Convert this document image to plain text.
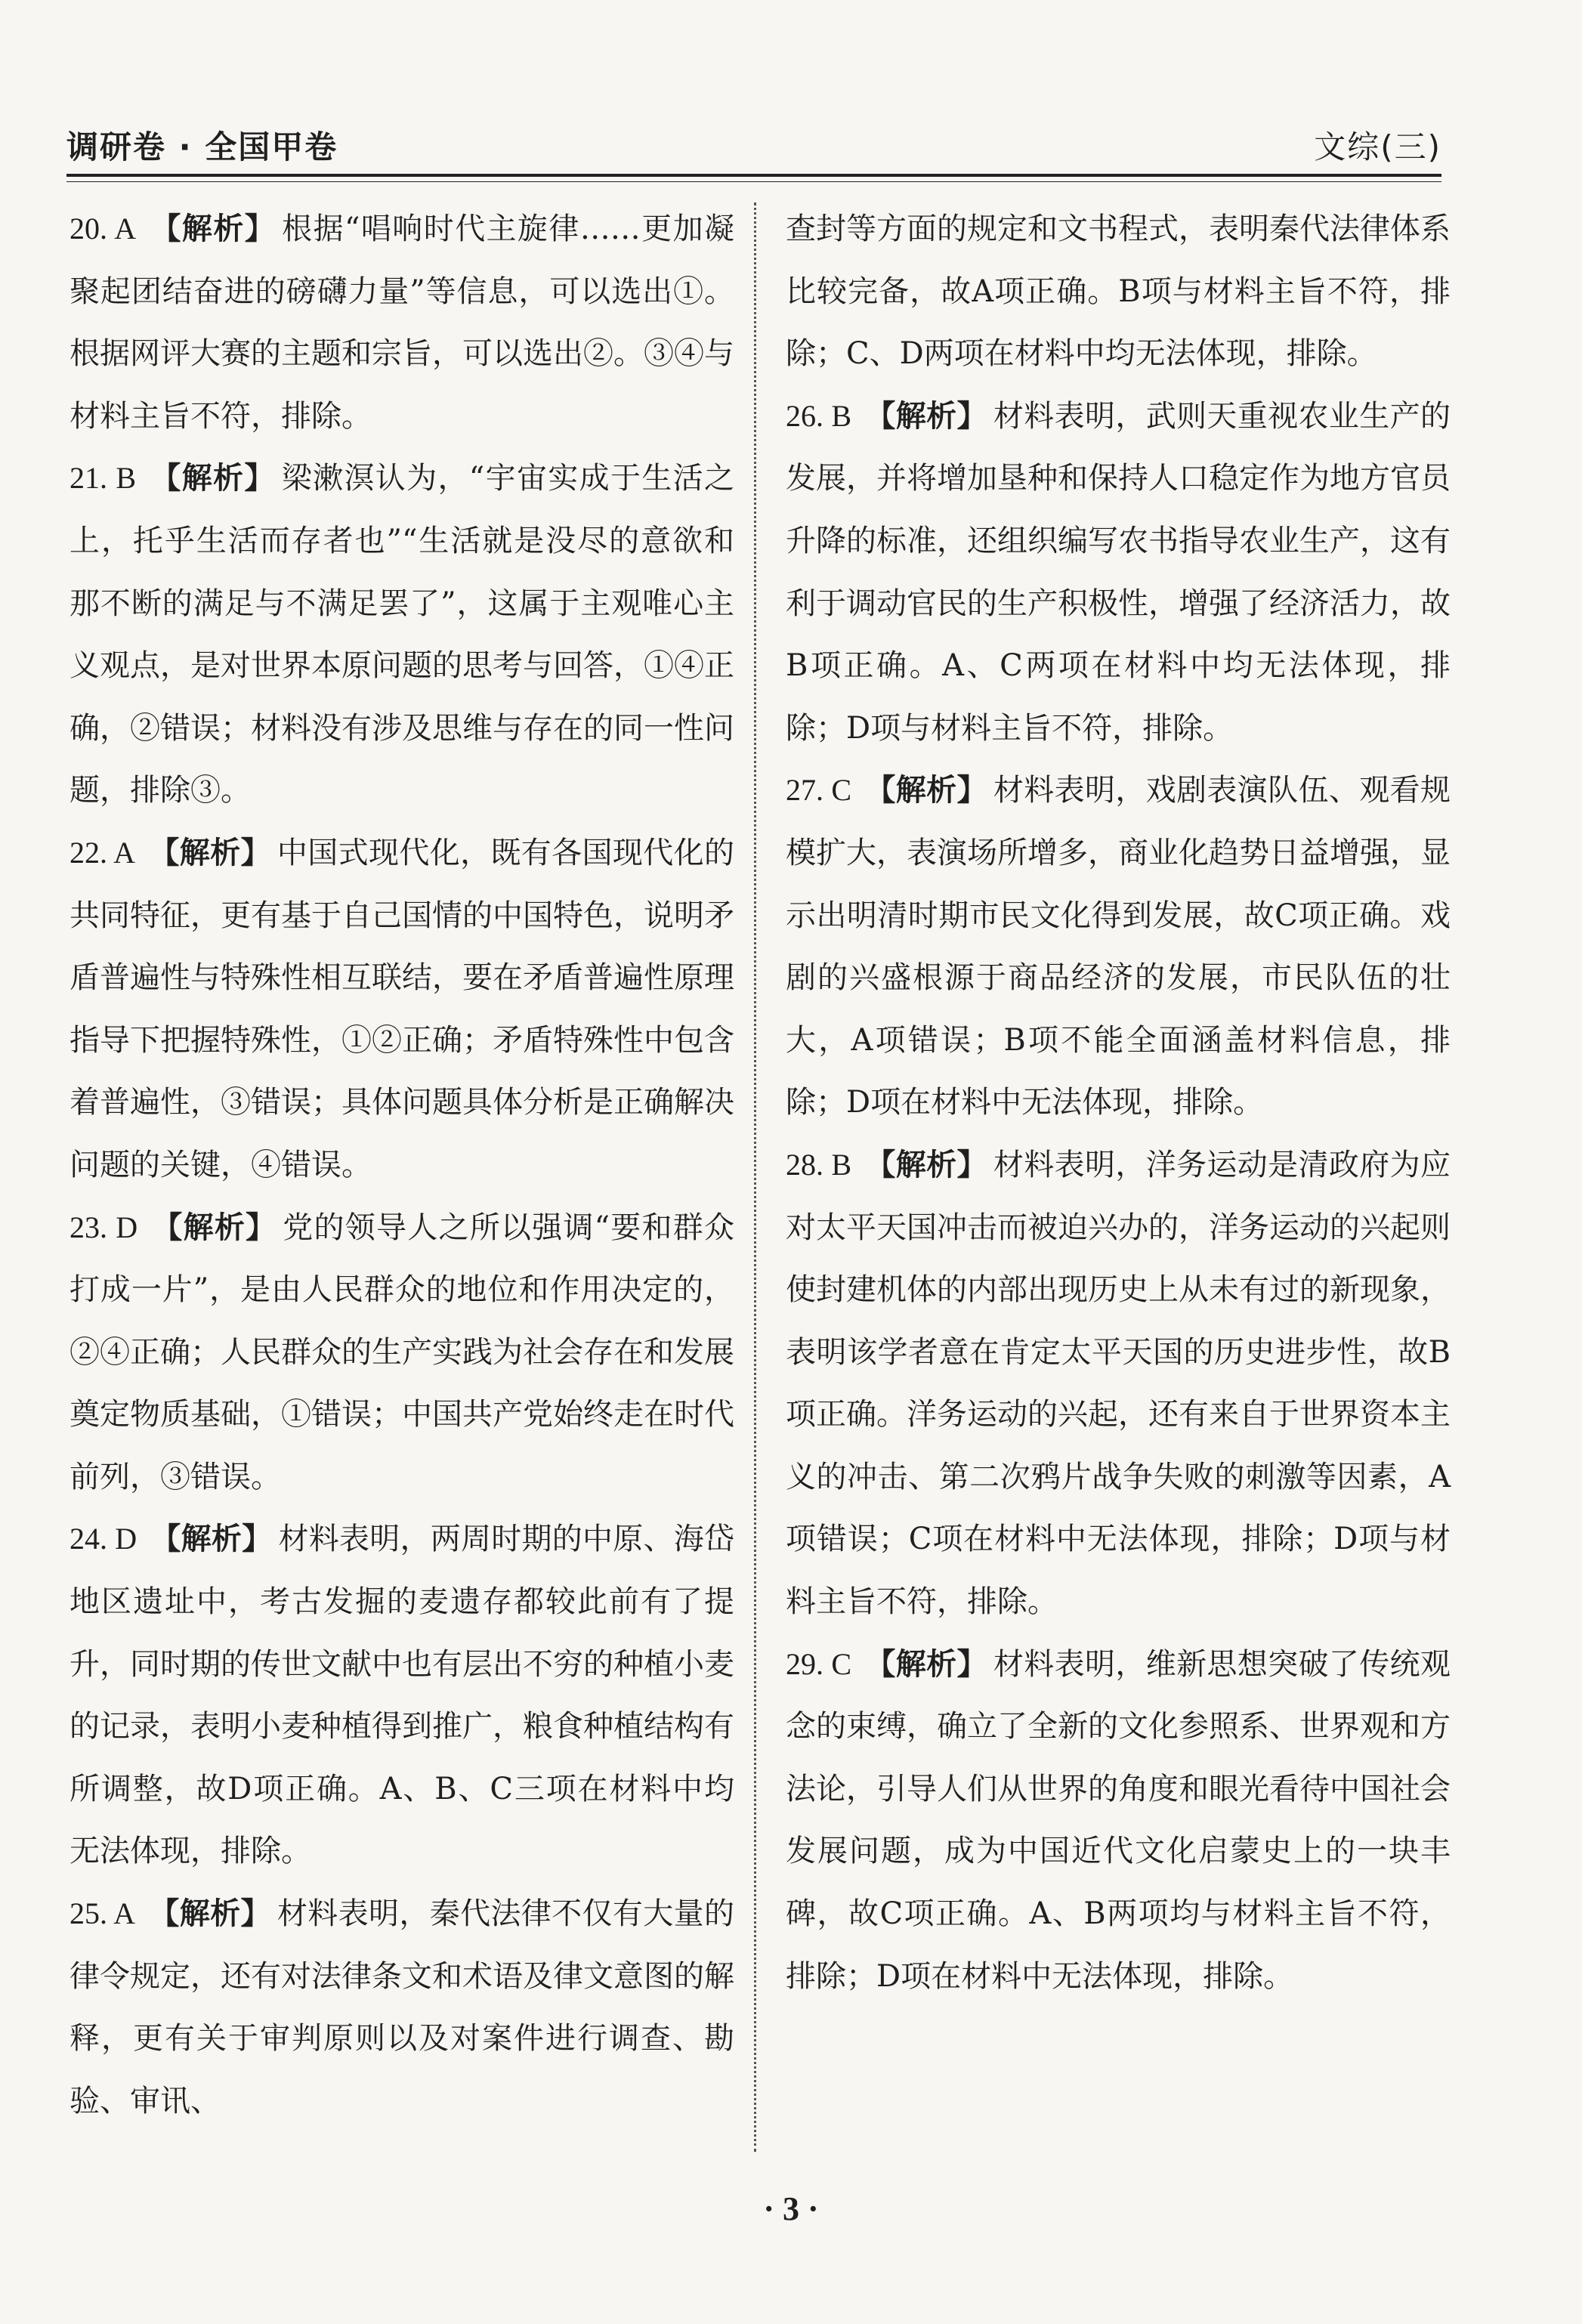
调研卷 · 全国甲卷	文综(三)

20. A 【解析】 根据“唱响时代主旋律……更加凝聚起团结奋进的磅礴力量”等信息，可以选出①。根据网评大赛的主题和宗旨，可以选出②。③④与材料主旨不符，排除。

21. B 【解析】 梁漱溟认为，“宇宙实成于生活之上，托乎生活而存者也”“生活就是没尽的意欲和那不断的满足与不满足罢了”，这属于主观唯心主义观点，是对世界本原问题的思考与回答，①④正确，②错误；材料没有涉及思维与存在的同一性问题，排除③。

22. A 【解析】 中国式现代化，既有各国现代化的共同特征，更有基于自己国情的中国特色，说明矛盾普遍性与特殊性相互联结，要在矛盾普遍性原理指导下把握特殊性，①②正确；矛盾特殊性中包含着普遍性，③错误；具体问题具体分析是正确解决问题的关键，④错误。

23. D 【解析】 党的领导人之所以强调“要和群众打成一片”，是由人民群众的地位和作用决定的，②④正确；人民群众的生产实践为社会存在和发展奠定物质基础，①错误；中国共产党始终走在时代前列，③错误。

24. D 【解析】 材料表明，两周时期的中原、海岱地区遗址中，考古发掘的麦遗存都较此前有了提升，同时期的传世文献中也有层出不穷的种植小麦的记录，表明小麦种植得到推广，粮食种植结构有所调整，故D项正确。A、B、C三项在材料中均无法体现，排除。

25. A 【解析】 材料表明，秦代法律不仅有大量的律令规定，还有对法律条文和术语及律文意图的解释，更有关于审判原则以及对案件进行调查、勘验、审讯、

查封等方面的规定和文书程式，表明秦代法律体系比较完备，故A项正确。B项与材料主旨不符，排除；C、D两项在材料中均无法体现，排除。

26. B 【解析】 材料表明，武则天重视农业生产的发展，并将增加垦种和保持人口稳定作为地方官员升降的标准，还组织编写农书指导农业生产，这有利于调动官民的生产积极性，增强了经济活力，故B项正确。A、C两项在材料中均无法体现，排除；D项与材料主旨不符，排除。

27. C 【解析】 材料表明，戏剧表演队伍、观看规模扩大，表演场所增多，商业化趋势日益增强，显示出明清时期市民文化得到发展，故C项正确。戏剧的兴盛根源于商品经济的发展，市民队伍的壮大，A项错误；B项不能全面涵盖材料信息，排除；D项在材料中无法体现，排除。

28. B 【解析】 材料表明，洋务运动是清政府为应对太平天国冲击而被迫兴办的，洋务运动的兴起则使封建机体的内部出现历史上从未有过的新现象，表明该学者意在肯定太平天国的历史进步性，故B项正确。洋务运动的兴起，还有来自于世界资本主义的冲击、第二次鸦片战争失败的刺激等因素，A项错误；C项在材料中无法体现，排除；D项与材料主旨不符，排除。

29. C 【解析】 材料表明，维新思想突破了传统观念的束缚，确立了全新的文化参照系、世界观和方法论，引导人们从世界的角度和眼光看待中国社会发展问题，成为中国近代文化启蒙史上的一块丰碑，故C项正确。A、B两项均与材料主旨不符，排除；D项在材料中无法体现，排除。

· 3 ·
